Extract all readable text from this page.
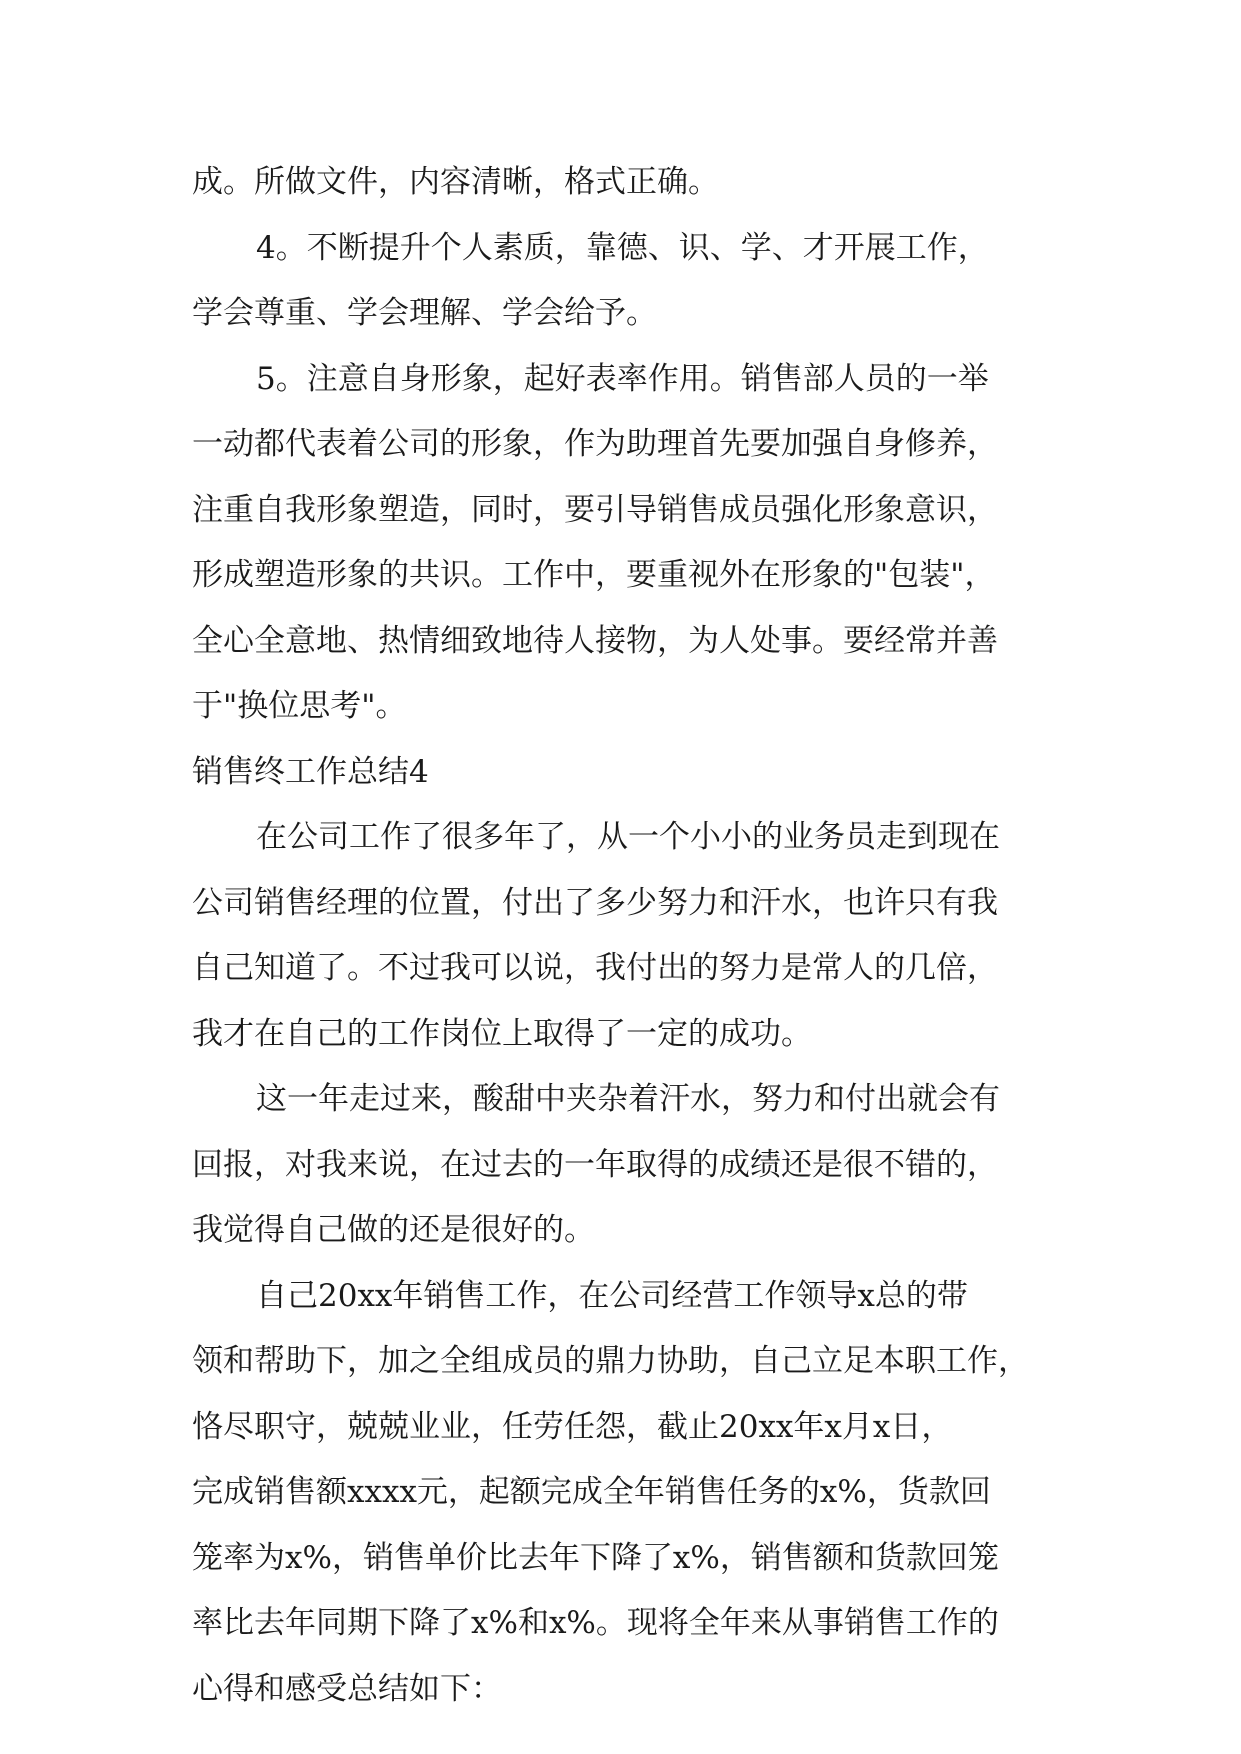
成。所做文件，内容清晰，格式正确。
4。不断提升个人素质，靠德、识、学、才开展工作，
学会尊重、学会理解、学会给予。
5。注意自身形象，起好表率作用。销售部人员的一举
一动都代表着公司的形象，作为助理首先要加强自身修养，
注重自我形象塑造，同时，要引导销售成员强化形象意识，
形成塑造形象的共识。工作中，要重视外在形象的"包装"，
全心全意地、热情细致地待人接物，为人处事。要经常并善
于"换位思考"。
销售终工作总结4
在公司工作了很多年了，从一个小小的业务员走到现在
公司销售经理的位置，付出了多少努力和汗水，也许只有我
自己知道了。不过我可以说，我付出的努力是常人的几倍，
我才在自己的工作岗位上取得了一定的成功。
这一年走过来，酸甜中夹杂着汗水，努力和付出就会有
回报，对我来说，在过去的一年取得的成绩还是很不错的，
我觉得自己做的还是很好的。
自己20xx年销售工作，在公司经营工作领导x总的带
领和帮助下，加之全组成员的鼎力协助，自己立足本职工作，
恪尽职守，兢兢业业，任劳任怨，截止20xx年x月x日，
完成销售额xxxx元，起额完成全年销售任务的x%，货款回
笼率为x%，销售单价比去年下降了x%，销售额和货款回笼
率比去年同期下降了x%和x%。现将全年来从事销售工作的
心得和感受总结如下：
